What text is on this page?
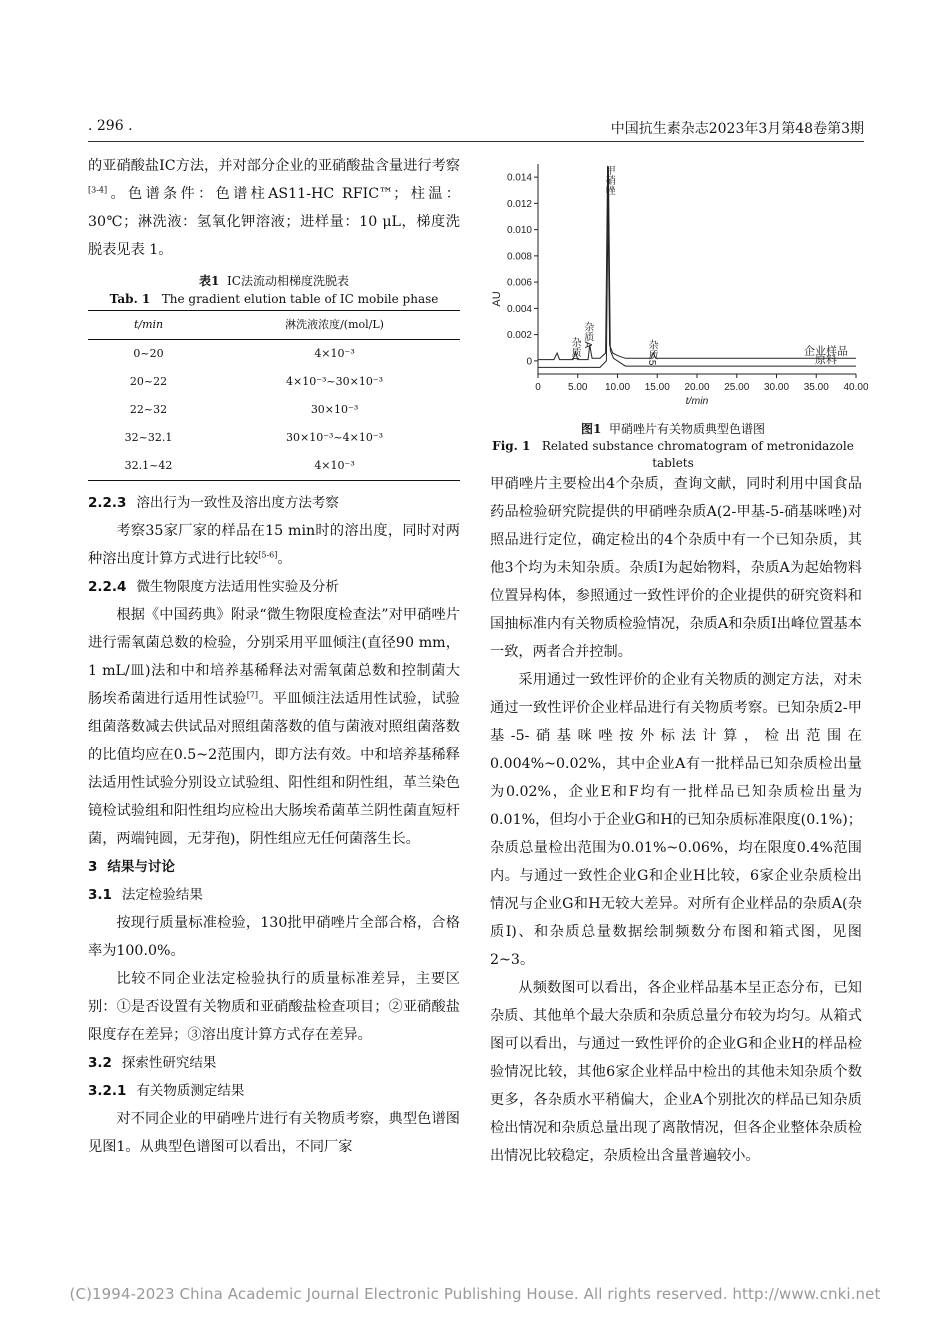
. 296 .	中国抗生素杂志2023年3月第48卷第3期

的亚硝酸盐IC方法，并对部分企业的亚硝酸盐含量进行考察[3-4]。色谱条件：色谱柱AS11-HC RFIC™；柱温：30℃；淋洗液：氢氧化钾溶液；进样量：10 μL，梯度洗脱表见表 1。

表1 IC法流动相梯度洗脱表
Tab. 1 The gradient elution table of IC mobile phase
t/min	淋洗液浓度/(mol/L)
0~20	4×10⁻³
20~22	4×10⁻³~30×10⁻³
22~32	30×10⁻³
32~32.1	30×10⁻³~4×10⁻³
32.1~42	4×10⁻³
2.2.3 溶出行为一致性及溶出度方法考察

考察35家厂家的样品在15 min时的溶出度，同时对两种溶出度计算方式进行比较[5-6]。

2.2.4 微生物限度方法适用性实验及分析

根据《中国药典》附录“微生物限度检查法”对甲硝唑片进行需氧菌总数的检验，分别采用平皿倾注(直径90 mm，1 mL/皿)法和中和培养基稀释法对需氧菌总数和控制菌大肠埃希菌进行适用性试验[7]。平皿倾注法适用性试验，试验组菌落数减去供试品对照组菌落数的值与菌液对照组菌落数的比值均应在0.5~2范围内，即方法有效。中和培养基稀释法适用性试验分别设立试验组、阳性组和阴性组，革兰染色镜检试验组和阳性组均应检出大肠埃希菌革兰阴性菌直短杆菌，两端钝圆，无芽孢)，阴性组应无任何菌落生长。

3 结果与讨论
3.1 法定检验结果

按现行质量标准检验，130批甲硝唑片全部合格，合格率为100.0%。

比较不同企业法定检验执行的质量标准差异，主要区别：①是否设置有关物质和亚硝酸盐检查项目；②亚硝酸盐限度存在差异；③溶出度计算方式存在差异。

3.2 探索性研究结果
3.2.1 有关物质测定结果

对不同企业的甲硝唑片进行有关物质考察，典型色谱图见图1。从典型色谱图可以看出，不同厂家

t/min
AU
0
0.002
0.004
0.006
0.008
0.010
0.012
0.014
0	5.00 10.00 15.00 20.00 25.00 30.00 35.00 40.00
企业样品
原料
甲硝唑
杂质A
杂质I	杂质5
图1 甲硝唑片有关物质典型色谱图
Fig. 1 Related substance chromatogram of metronidazole tablets

甲硝唑片主要检出4个杂质，查询文献，同时利用中国食品药品检验研究院提供的甲硝唑杂质A(2-甲基-5-硝基咪唑)对照品进行定位，确定检出的4个杂质中有一个已知杂质，其他3个均为未知杂质。杂质I为起始物料，杂质A为起始物料位置异构体，参照通过一致性评价的企业提供的研究资料和国抽标准内有关物质检验情况，杂质A和杂质I出峰位置基本一致，两者合并控制。

采用通过一致性评价的企业有关物质的测定方法，对未通过一致性评价企业样品进行有关物质考察。已知杂质2-甲基-5-硝基咪唑按外标法计算，检出范围在0.004%~0.02%，其中企业A有一批样品已知杂质检出量为0.02%，企业E和F均有一批样品已知杂质检出量为0.01%，但均小于企业G和H的已知杂质标准限度(0.1%)；杂质总量检出范围为0.01%~0.06%，均在限度0.4%范围内。与通过一致性企业G和企业H比较，6家企业杂质检出情况与企业G和H无较大差异。对所有企业样品的杂质A(杂质I)、和杂质总量数据绘制频数分布图和箱式图，见图2~3。

从频数图可以看出，各企业样品基本呈正态分布，已知杂质、其他单个最大杂质和杂质总量分布较为均匀。从箱式图可以看出，与通过一致性评价的企业G和企业H的样品检验情况比较，其他6家企业样品中检出的其他未知杂质个数更多，各杂质水平稍偏大，企业A个别批次的样品已知杂质检出情况和杂质总量出现了离散情况，但各企业整体杂质检出情况比较稳定，杂质检出含量普遍较小。

(C)1994-2023 China Academic Journal Electronic Publishing House. All rights reserved. http://www.cnki.net
